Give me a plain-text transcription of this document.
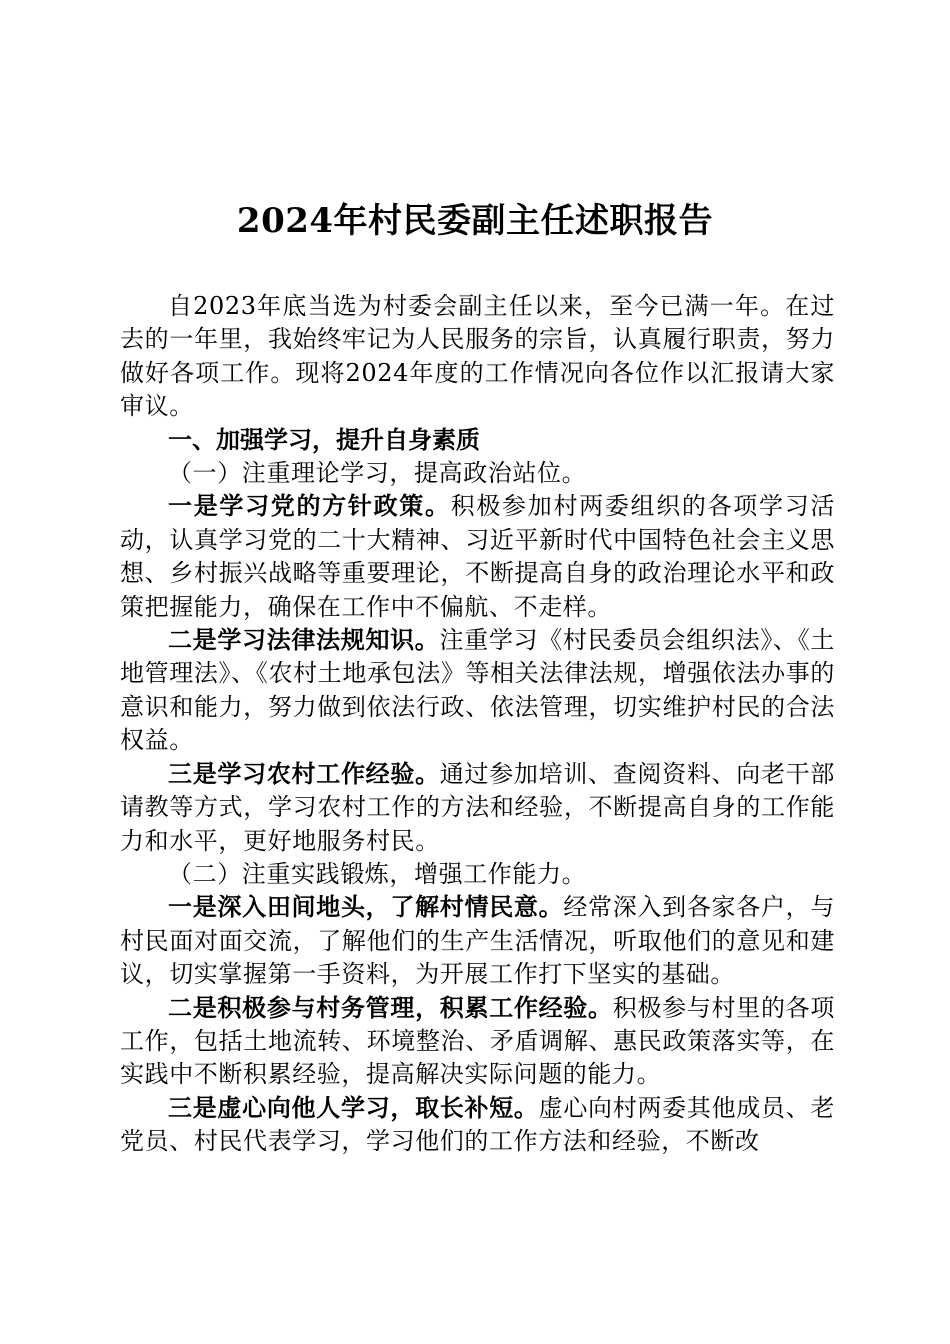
2024年村民委副主任述职报告

自2023年底当选为村委会副主任以来，至今已满一年。在过去的一年里，我始终牢记为人民服务的宗旨，认真履行职责，努力做好各项工作。现将2024年度的工作情况向各位作以汇报请大家审议。

一、加强学习，提升自身素质

（一）注重理论学习，提高政治站位。

一是学习党的方针政策。积极参加村两委组织的各项学习活动，认真学习党的二十大精神、习近平新时代中国特色社会主义思想、乡村振兴战略等重要理论，不断提高自身的政治理论水平和政策把握能力，确保在工作中不偏航、不走样。

二是学习法律法规知识。注重学习《村民委员会组织法》、《土地管理法》、《农村土地承包法》等相关法律法规，增强依法办事的意识和能力，努力做到依法行政、依法管理，切实维护村民的合法权益。

三是学习农村工作经验。通过参加培训、查阅资料、向老干部请教等方式，学习农村工作的方法和经验，不断提高自身的工作能力和水平，更好地服务村民。

（二）注重实践锻炼，增强工作能力。

一是深入田间地头，了解村情民意。经常深入到各家各户，与村民面对面交流，了解他们的生产生活情况，听取他们的意见和建议，切实掌握第一手资料，为开展工作打下坚实的基础。

二是积极参与村务管理，积累工作经验。积极参与村里的各项工作，包括土地流转、环境整治、矛盾调解、惠民政策落实等，在实践中不断积累经验，提高解决实际问题的能力。

三是虚心向他人学习，取长补短。虚心向村两委其他成员、老党员、村民代表学习，学习他们的工作方法和经验，不断改
